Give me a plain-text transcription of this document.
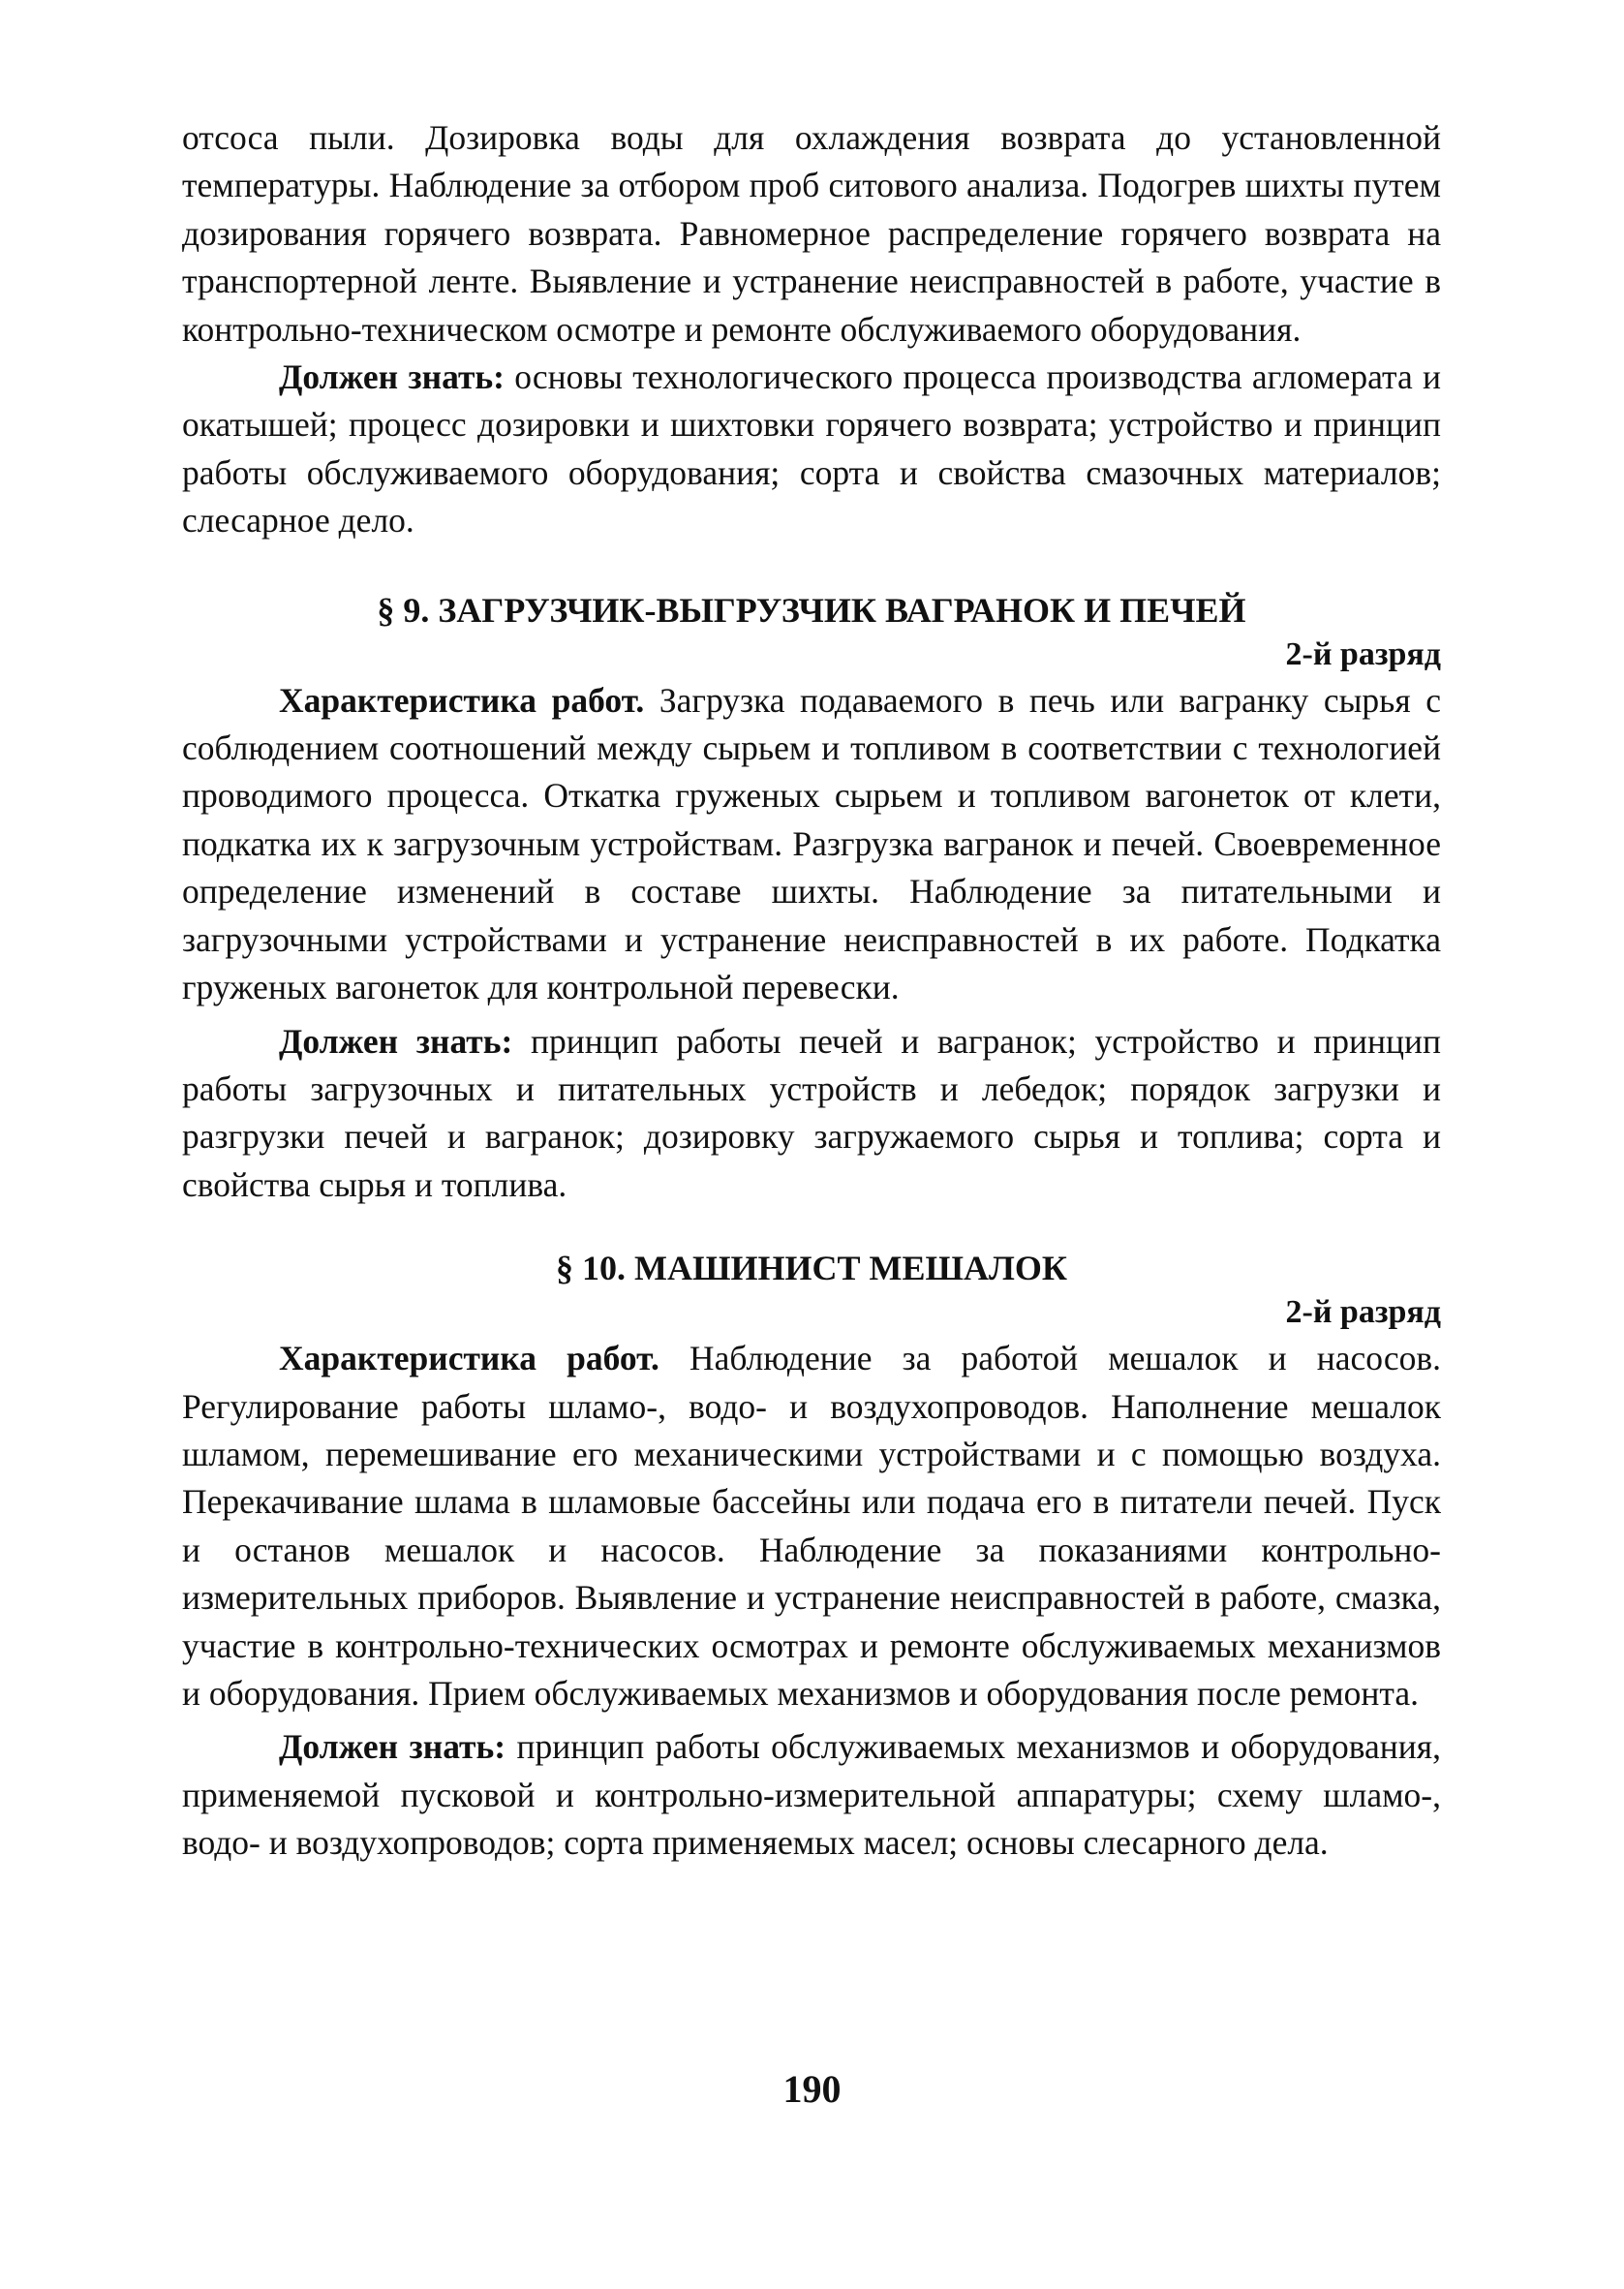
отсоса пыли. Дозировка воды для охлаждения возврата до установленной температуры. Наблюдение за отбором проб ситового анализа. Подогрев шихты путем дозирования горячего возврата. Равномерное распределение горячего возврата на транспортерной ленте. Выявление и устранение неисправностей в работе, участие в контрольно-техническом осмотре и ремонте обслуживаемого оборудования.

Должен знать: основы технологического процесса производства агломерата и окатышей; процесс дозировки и шихтовки горячего возврата; устройство и принцип работы обслуживаемого оборудования; сорта и свойства смазочных материалов; слесарное дело.

§ 9. ЗАГРУЗЧИК-ВЫГРУЗЧИК ВАГРАНОК И ПЕЧЕЙ
2-й разряд

Характеристика работ. Загрузка подаваемого в печь или вагранку сырья с соблюдением соотношений между сырьем и топливом в соответствии с технологией проводимого процесса. Откатка груженых сырьем и топливом вагонеток от клети, подкатка их к загрузочным устройствам. Разгрузка вагранок и печей. Своевременное определение изменений в составе шихты. Наблюдение за питательными и загрузочными устройствами и устранение неисправностей в их работе. Подкатка груженых вагонеток для контрольной перевески.

Должен знать: принцип работы печей и вагранок; устройство и принцип работы загрузочных и питательных устройств и лебедок; порядок загрузки и разгрузки печей и вагранок; дозировку загружаемого сырья и топлива; сорта и свойства сырья и топлива.

§ 10. МАШИНИСТ МЕШАЛОК
2-й разряд

Характеристика работ. Наблюдение за работой мешалок и насосов. Регулирование работы шламо-, водо- и воздухопроводов. Наполнение мешалок шламом, перемешивание его механическими устройствами и с помощью воздуха. Перекачивание шлама в шламовые бассейны или подача его в питатели печей. Пуск и останов мешалок и насосов. Наблюдение за показаниями контрольно-измерительных приборов. Выявление и устранение неисправностей в работе, смазка, участие в контрольно-технических осмотрах и ремонте обслуживаемых механизмов и оборудования. Прием обслуживаемых механизмов и оборудования после ремонта.

Должен знать: принцип работы обслуживаемых механизмов и оборудования, применяемой пусковой и контрольно-измерительной аппаратуры; схему шламо-, водо- и воздухопроводов; сорта применяемых масел; основы слесарного дела.

190
